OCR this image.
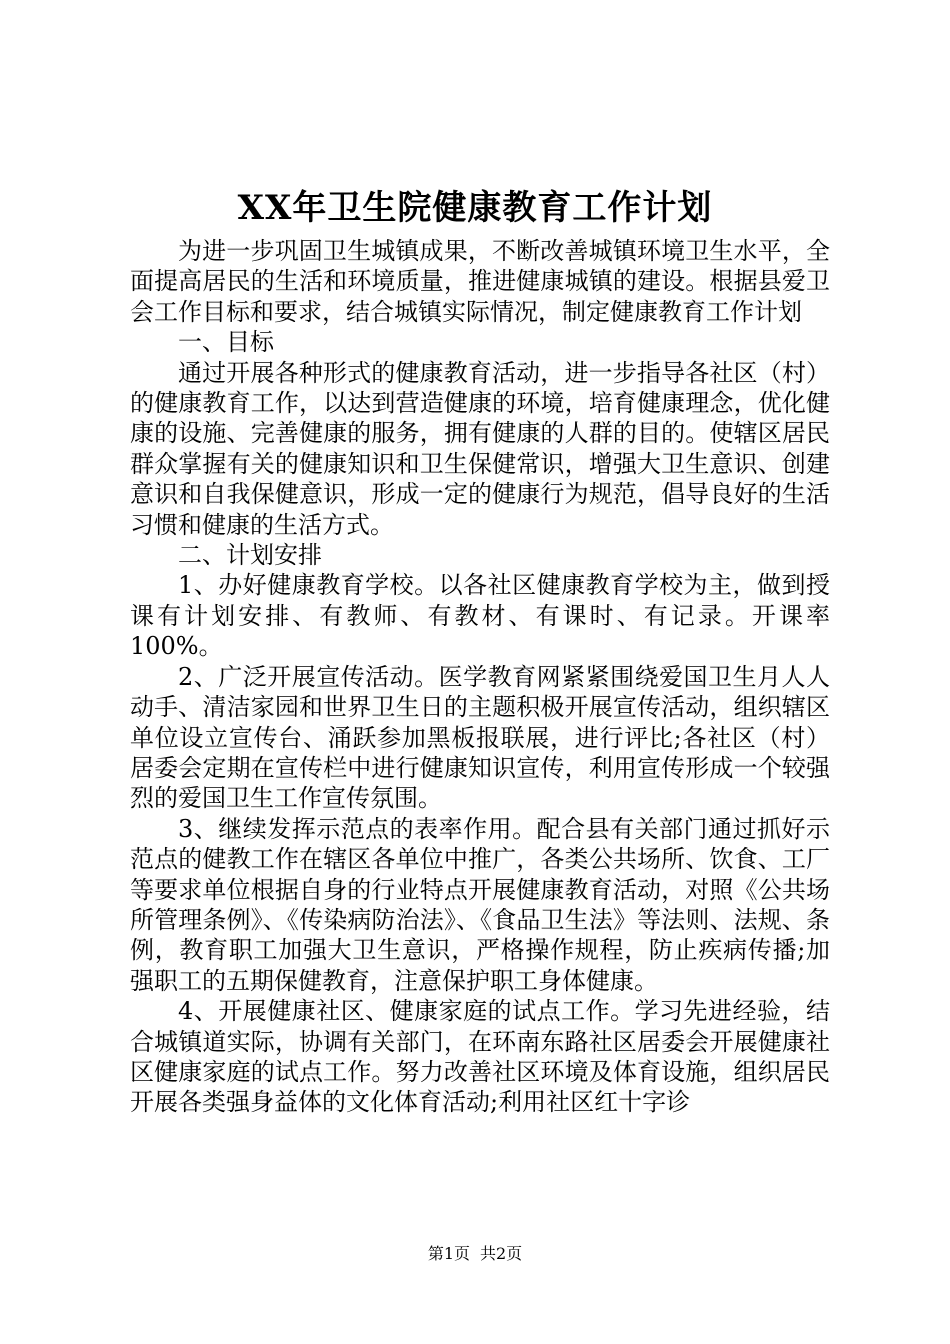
XX年卫生院健康教育工作计划

为进一步巩固卫生城镇成果，不断改善城镇环境卫生水平，全面提高居民的生活和环境质量，推进健康城镇的建设。根据县爱卫会工作目标和要求，结合城镇实际情况，制定健康教育工作计划

一、目标

通过开展各种形式的健康教育活动，进一步指导各社区（村）的健康教育工作，以达到营造健康的环境，培育健康理念，优化健康的设施、完善健康的服务，拥有健康的人群的目的。使辖区居民群众掌握有关的健康知识和卫生保健常识，增强大卫生意识、创建意识和自我保健意识，形成一定的健康行为规范，倡导良好的生活习惯和健康的生活方式。

二、计划安排

1、办好健康教育学校。以各社区健康教育学校为主，做到授课有计划安排、有教师、有教材、有课时、有记录。开课率100%。

2、广泛开展宣传活动。医学教育网紧紧围绕爱国卫生月人人动手、清洁家园和世界卫生日的主题积极开展宣传活动，组织辖区单位设立宣传台、涌跃参加黑板报联展，进行评比;各社区（村）居委会定期在宣传栏中进行健康知识宣传，利用宣传形成一个较强烈的爱国卫生工作宣传氛围。

3、继续发挥示范点的表率作用。配合县有关部门通过抓好示范点的健教工作在辖区各单位中推广，各类公共场所、饮食、工厂等要求单位根据自身的行业特点开展健康教育活动，对照《公共场所管理条例》、《传染病防治法》、《食品卫生法》等法则、法规、条例，教育职工加强大卫生意识，严格操作规程，防止疾病传播;加强职工的五期保健教育，注意保护职工身体健康。

4、开展健康社区、健康家庭的试点工作。学习先进经验，结合城镇道实际，协调有关部门，在环南东路社区居委会开展健康社区健康家庭的试点工作。努力改善社区环境及体育设施，组织居民开展各类强身益体的文化体育活动;利用社区红十字诊

第1页 共2页
